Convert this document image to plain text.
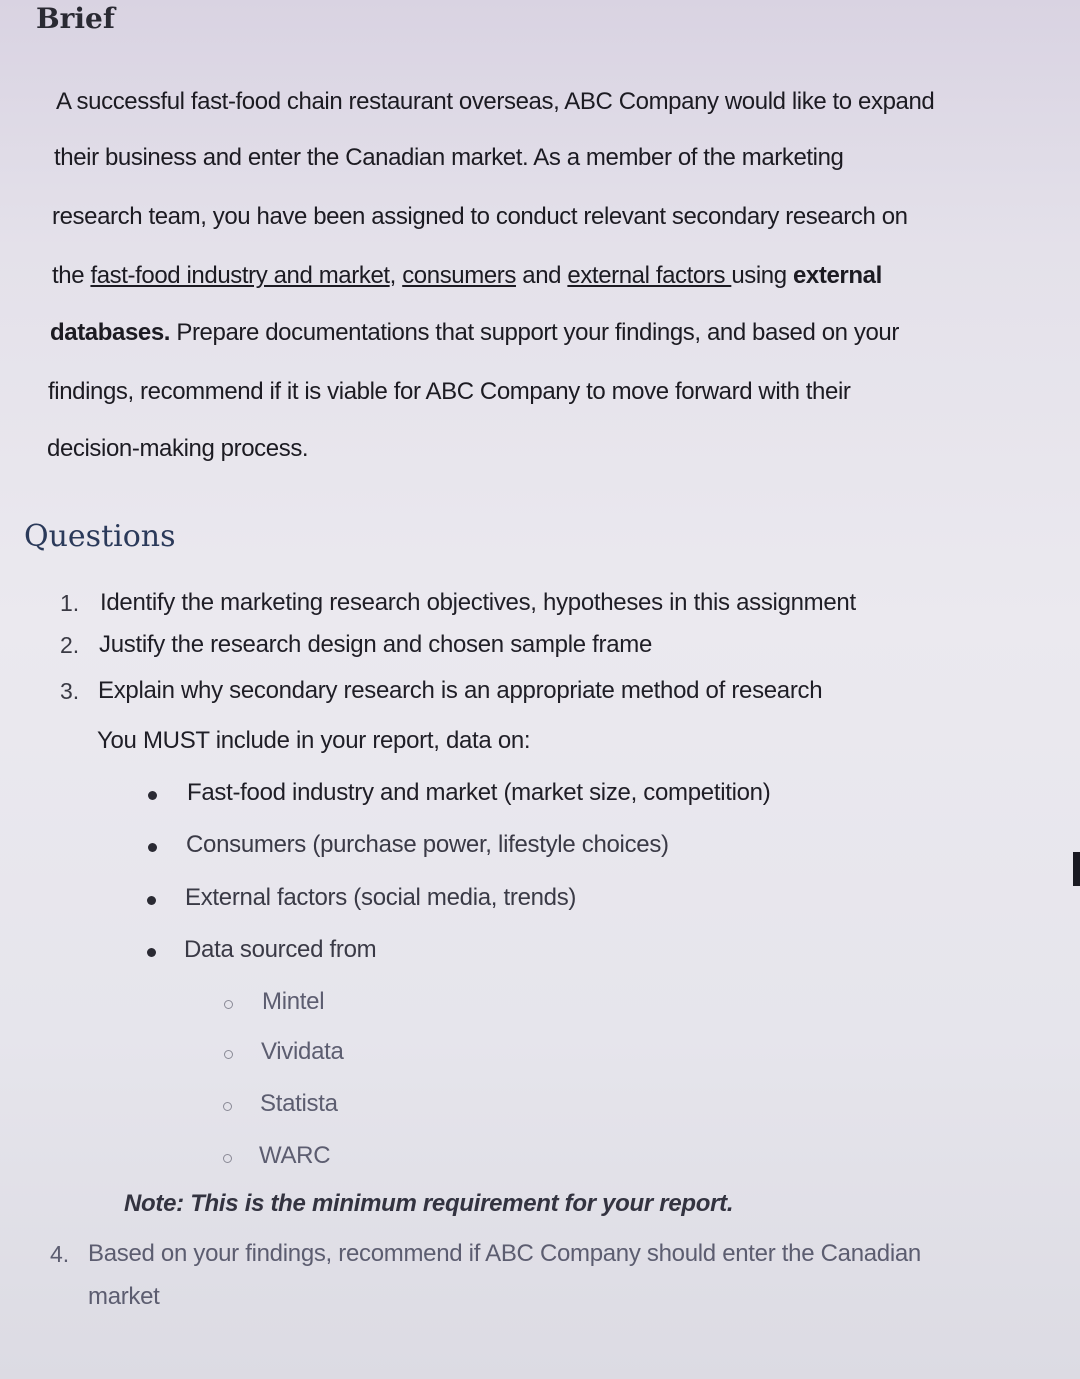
Brief
A successful fast-food chain restaurant overseas, ABC Company would like to expand
their business and enter the Canadian market. As a member of the marketing
research team, you have been assigned to conduct relevant secondary research on
the fast-food industry and market, consumers and external factors using external
databases. Prepare documentations that support your findings, and based on your
findings, recommend if it is viable for ABC Company to move forward with their
decision-making process.
Questions
1. Identify the marketing research objectives, hypotheses in this assignment
2. Justify the research design and chosen sample frame
3. Explain why secondary research is an appropriate method of research
You MUST include in your report, data on:
Fast-food industry and market (market size, competition)
Consumers (purchase power, lifestyle choices)
External factors (social media, trends)
Data sourced from
Mintel
Vividata
Statista
WARC
Note: This is the minimum requirement for your report.
4. Based on your findings, recommend if ABC Company should enter the Canadian
market
